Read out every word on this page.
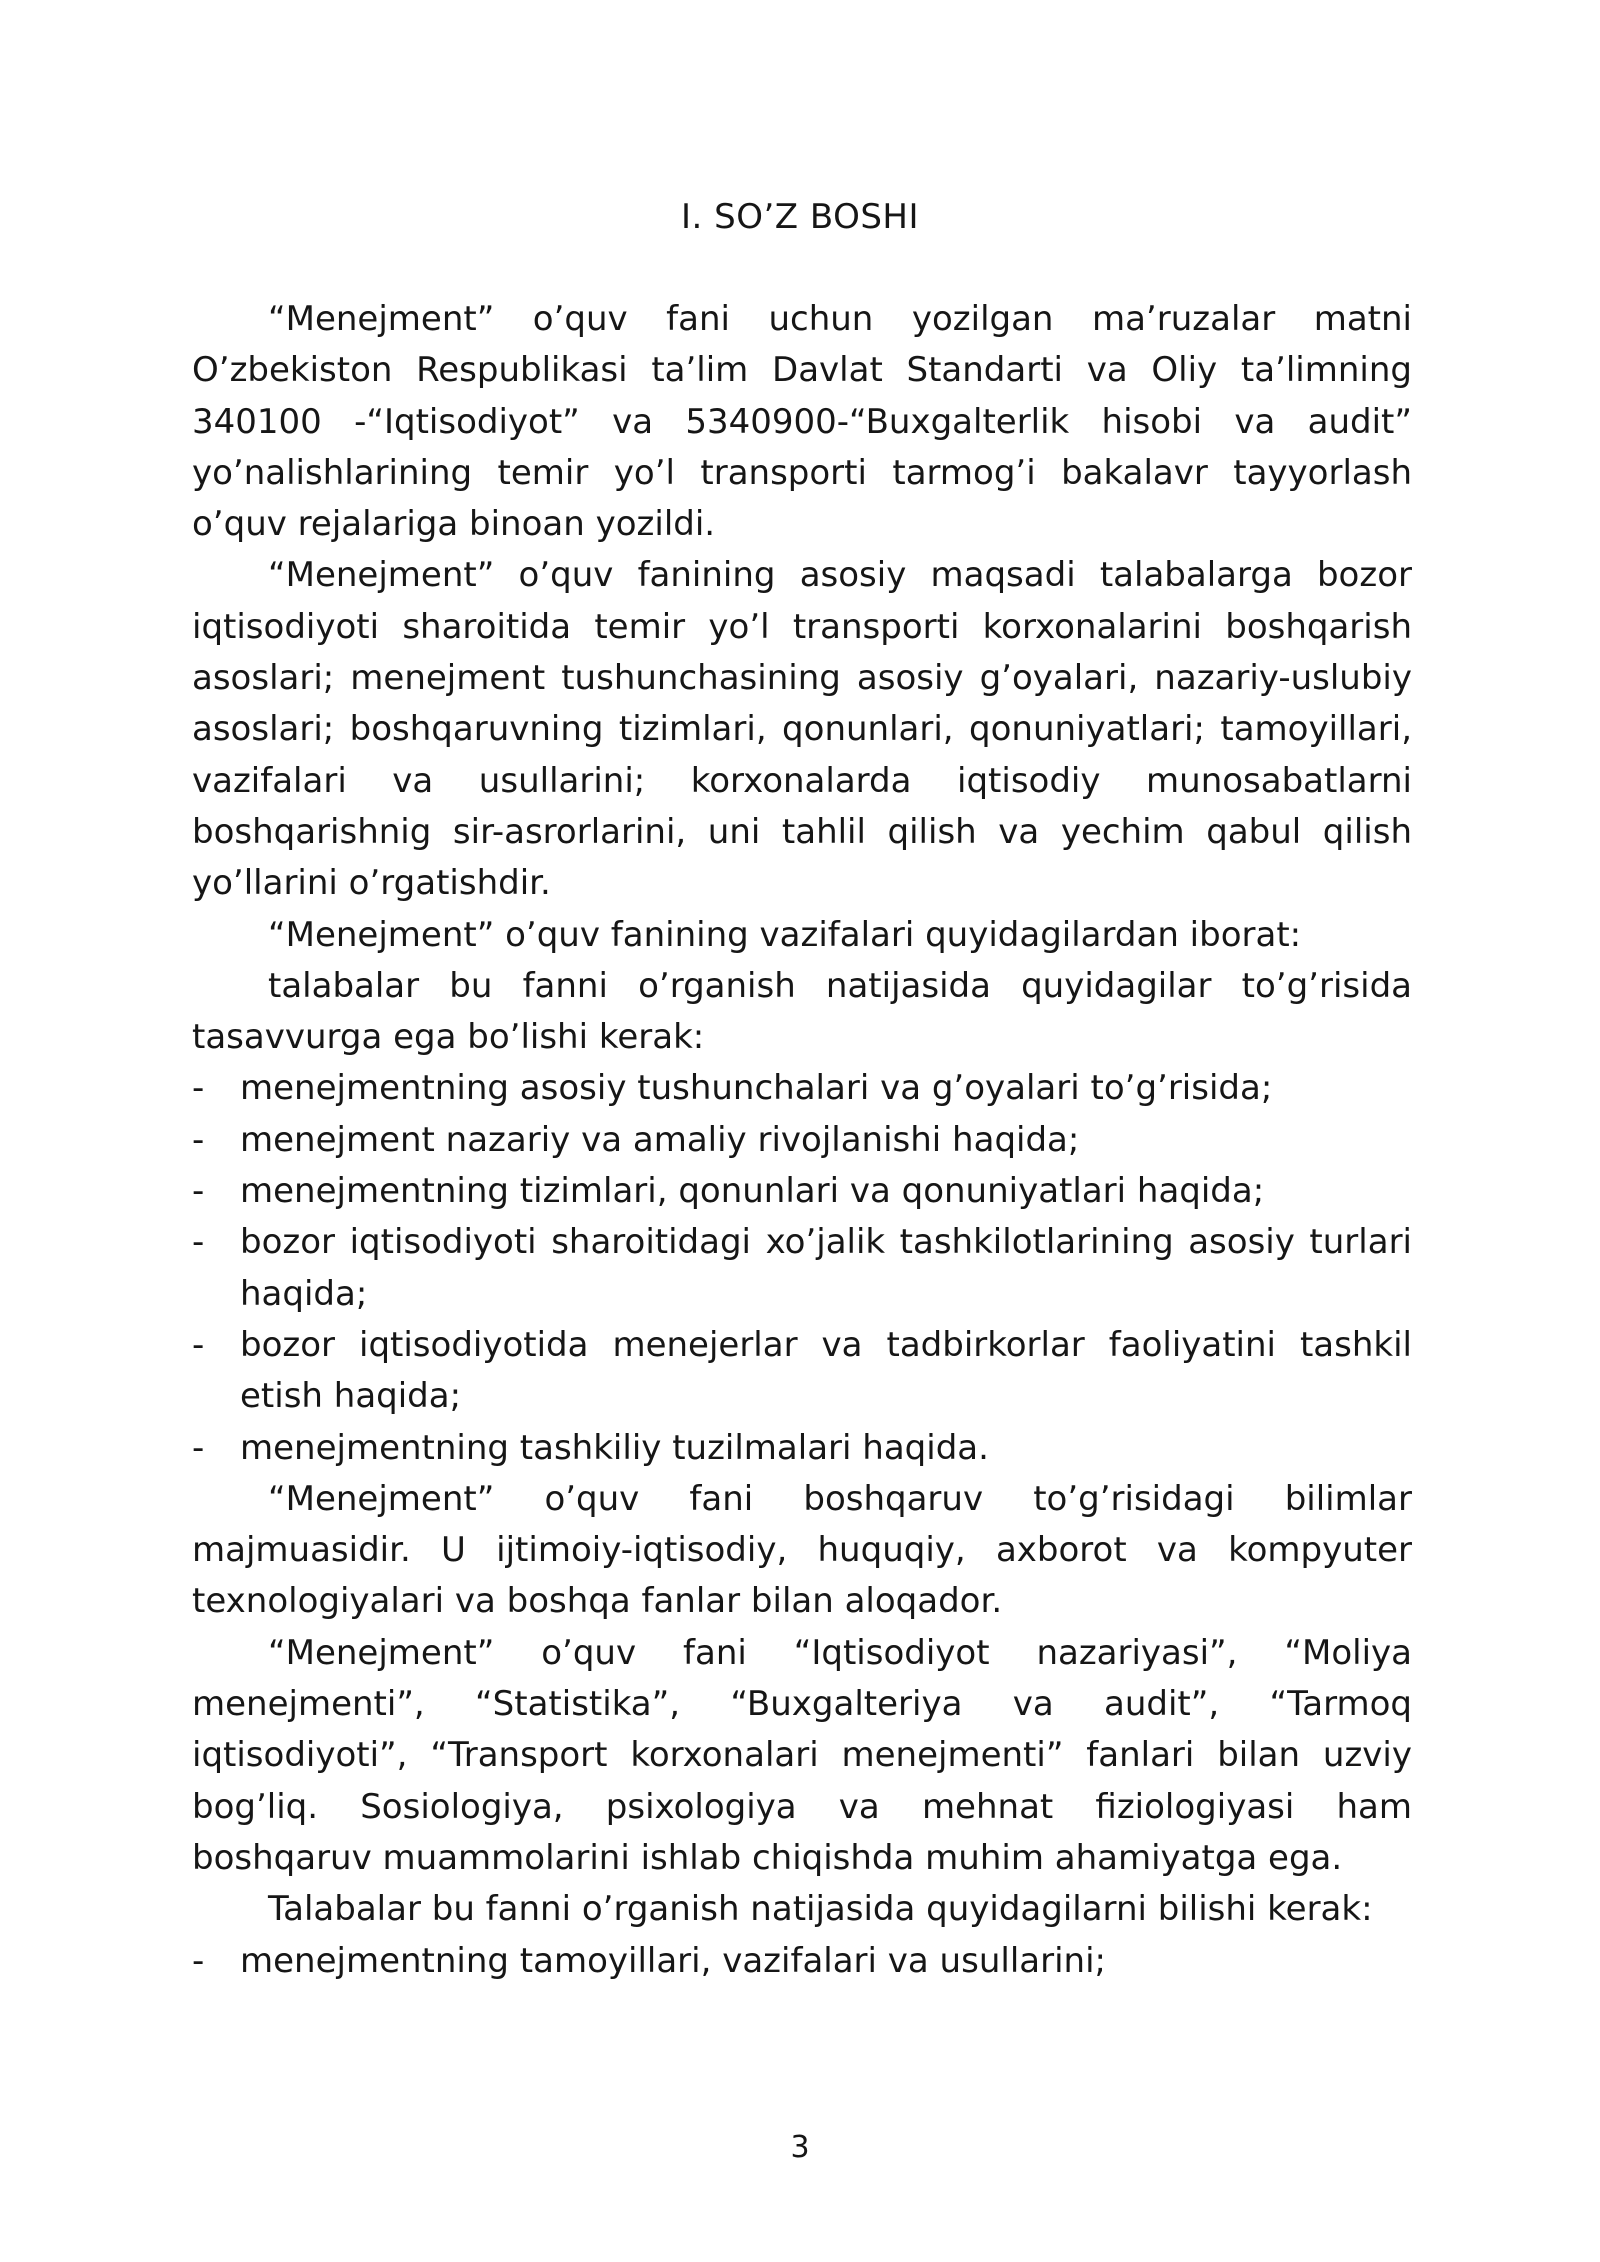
I. SO’Z BOSHI

“Menejment” o’quv fani uchun yozilgan ma’ruzalar matni O’zbekiston Respublikasi ta’lim Davlat Standarti va Oliy ta’limning 340100 -“Iqtisodiyot” va 5340900-“Buxgalterlik hisobi va audit” yo’nalishlarining temir yo’l transporti tarmog’i bakalavr tayyorlash o’quv rejalariga binoan yozildi.

“Menejment” o’quv fanining asosiy maqsadi talabalarga bozor iqtisodiyoti sharoitida temir yo’l transporti korxonalarini boshqarish asoslari; menejment tushunchasining asosiy g’oyalari, nazariy-uslubiy asoslari; boshqaruvning tizimlari, qonunlari, qonuniyatlari; tamoyillari, vazifalari va usullarini; korxonalarda iqtisodiy munosabatlarni boshqarishnig sir-asrorlarini, uni tahlil qilish va yechim qabul qilish yo’llarini o’rgatishdir.

“Menejment” o’quv fanining vazifalari quyidagilardan iborat:

talabalar bu fanni o’rganish natijasida quyidagilar to’g’risida tasavvurga ega bo’lishi kerak:

- menejmentning asosiy tushunchalari va g’oyalari to’g’risida;

- menejment nazariy va amaliy rivojlanishi haqida;

- menejmentning tizimlari, qonunlari va qonuniyatlari haqida;

- bozor iqtisodiyoti sharoitidagi xo’jalik tashkilotlarining asosiy turlari haqida;

- bozor iqtisodiyotida menejerlar va tadbirkorlar faoliyatini tashkil etish haqida;

- menejmentning tashkiliy tuzilmalari haqida.

“Menejment” o’quv fani boshqaruv to’g’risidagi bilimlar majmuasidir. U ijtimoiy-iqtisodiy, huquqiy, axborot va kompyuter texnologiyalari va boshqa fanlar bilan aloqador.

“Menejment” o’quv fani “Iqtisodiyot nazariyasi”, “Moliya menejmenti”, “Statistika”, “Buxgalteriya va audit”, “Tarmoq iqtisodiyoti”, “Transport korxonalari menejmenti” fanlari bilan uzviy bog’liq. Sosiologiya, psixologiya va mehnat fiziologiyasi ham boshqaruv muammolarini ishlab chiqishda muhim ahamiyatga ega.

Talabalar bu fanni o’rganish natijasida quyidagilarni bilishi kerak:

- menejmentning tamoyillari, vazifalari va usullarini;

3
